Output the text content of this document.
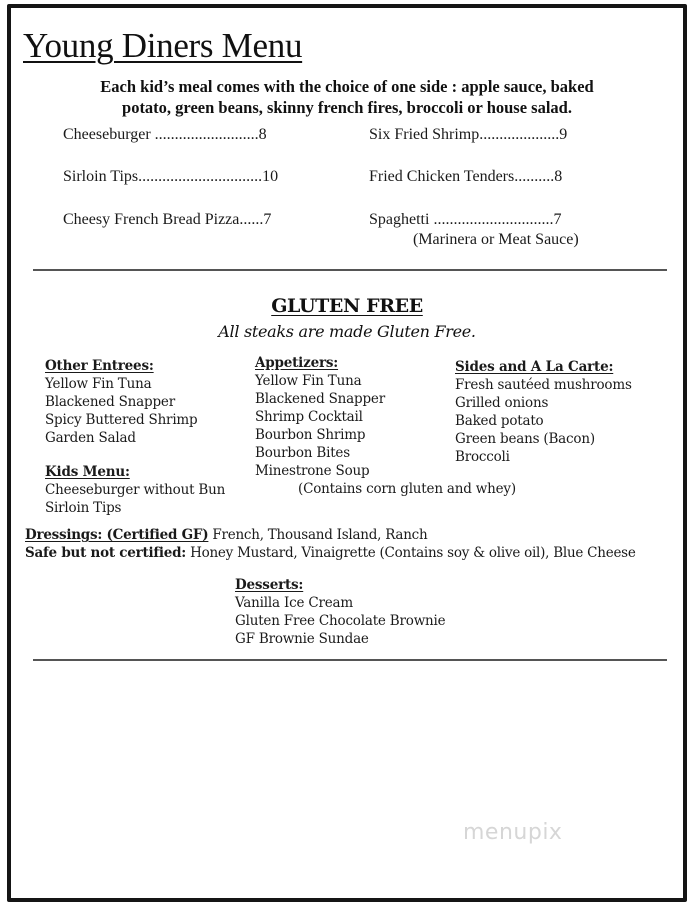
Young Diners Menu
Each kid’s meal comes with the choice of one side : apple sauce, baked
potato, green beans, skinny french fires, broccoli or house salad.
Cheeseburger ..........................8	Six Fried Shrimp....................9
Sirloin Tips...............................10	Fried Chicken Tenders..........8
Cheesy French Bread Pizza......7	Spaghetti ..............................7
(Marinera or Meat Sauce)
GLUTEN FREE
All steaks are made Gluten Free.
Other Entrees:
Yellow Fin Tuna
Blackened Snapper
Spicy Buttered Shrimp
Garden Salad
Kids Menu:
Cheeseburger without Bun
Sirloin Tips
Appetizers:
Yellow Fin Tuna
Blackened Snapper
Shrimp Cocktail
Bourbon Shrimp
Bourbon Bites
Minestrone Soup
(Contains corn gluten and whey)
Sides and A La Carte:
Fresh sautéed mushrooms
Grilled onions
Baked potato
Green beans (Bacon)
Broccoli
Dressings: (Certified GF) French, Thousand Island, Ranch
Safe but not certified: Honey Mustard, Vinaigrette (Contains soy & olive oil), Blue Cheese
Desserts:
Vanilla Ice Cream
Gluten Free Chocolate Brownie
GF Brownie Sundae
menupix
